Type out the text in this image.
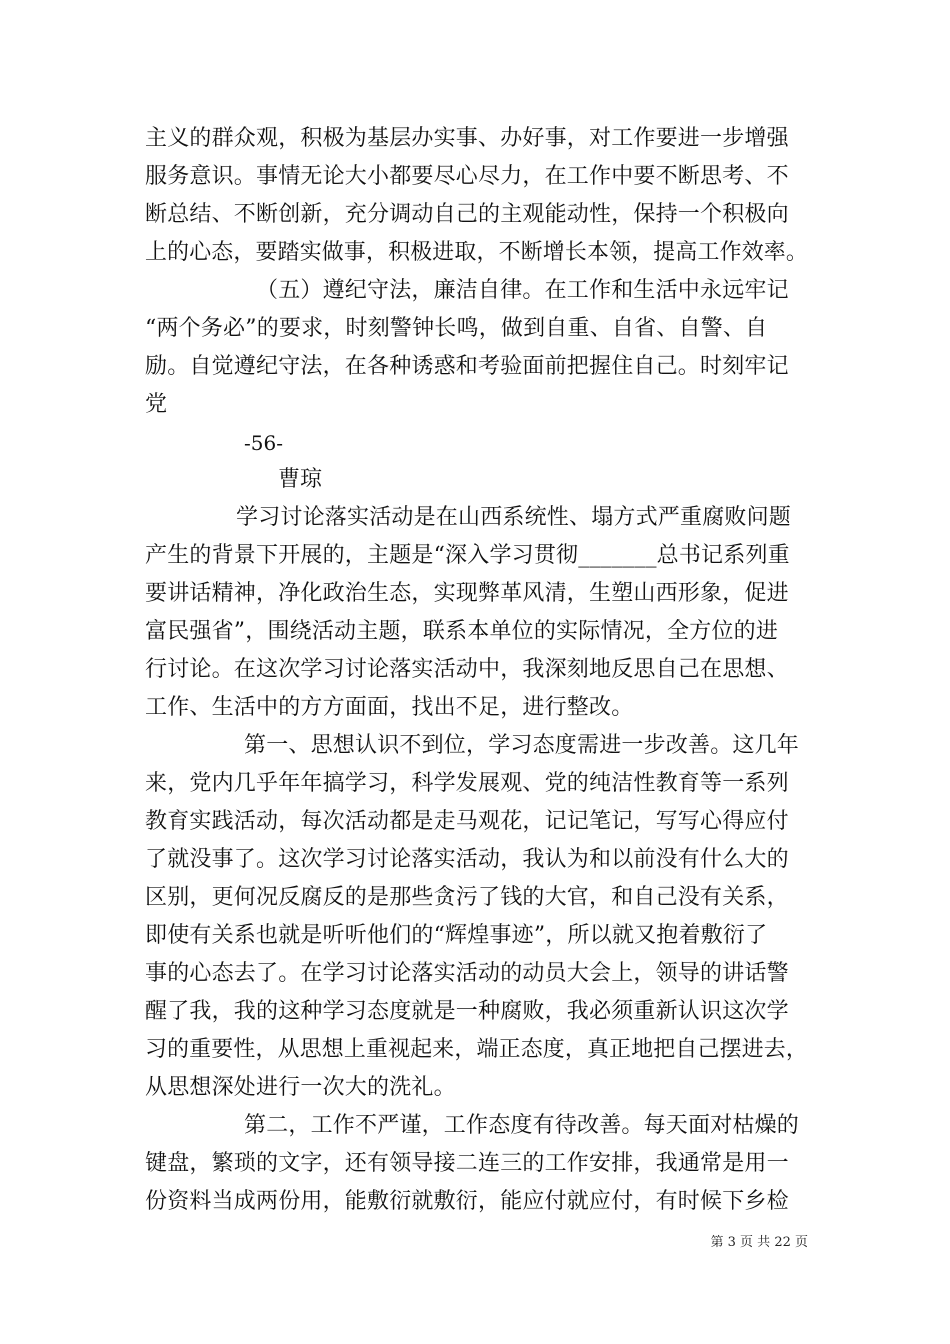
主义的群众观，积极为基层办实事、办好事，对工作要进一步增强
服务意识。事情无论大小都要尽心尽力，在工作中要不断思考、不
断总结、不断创新，充分调动自己的主观能动性，保持一个积极向
上的心态，要踏实做事，积极进取，不断增长本领，提高工作效率。
（五）遵纪守法，廉洁自律。在工作和生活中永远牢记
“两个务必”的要求，时刻警钟长鸣，做到自重、自省、自警、自
励。自觉遵纪守法，在各种诱惑和考验面前把握住自己。时刻牢记
党
-56-
曹琼
学习讨论落实活动是在山西系统性、塌方式严重腐败问题
产生的背景下开展的，主题是“深入学习贯彻_______总书记系列重
要讲话精神，净化政治生态，实现弊革风清，生塑山西形象，促进
富民强省”，围绕活动主题，联系本单位的实际情况，全方位的进
行讨论。在这次学习讨论落实活动中，我深刻地反思自己在思想、
工作、生活中的方方面面，找出不足，进行整改。
第一、思想认识不到位，学习态度需进一步改善。这几年
来，党内几乎年年搞学习，科学发展观、党的纯洁性教育等一系列
教育实践活动，每次活动都是走马观花，记记笔记，写写心得应付
了就没事了。这次学习讨论落实活动，我认为和以前没有什么大的
区别，更何况反腐反的是那些贪污了钱的大官，和自己没有关系，
即使有关系也就是听听他们的“辉煌事迹”，所以就又抱着敷衍了
事的心态去了。在学习讨论落实活动的动员大会上，领导的讲话警
醒了我，我的这种学习态度就是一种腐败，我必须重新认识这次学
习的重要性，从思想上重视起来，端正态度，真正地把自己摆进去，
从思想深处进行一次大的洗礼。
第二，工作不严谨，工作态度有待改善。每天面对枯燥的
键盘，繁琐的文字，还有领导接二连三的工作安排，我通常是用一
份资料当成两份用，能敷衍就敷衍，能应付就应付，有时候下乡检
第 3 页 共 22 页
